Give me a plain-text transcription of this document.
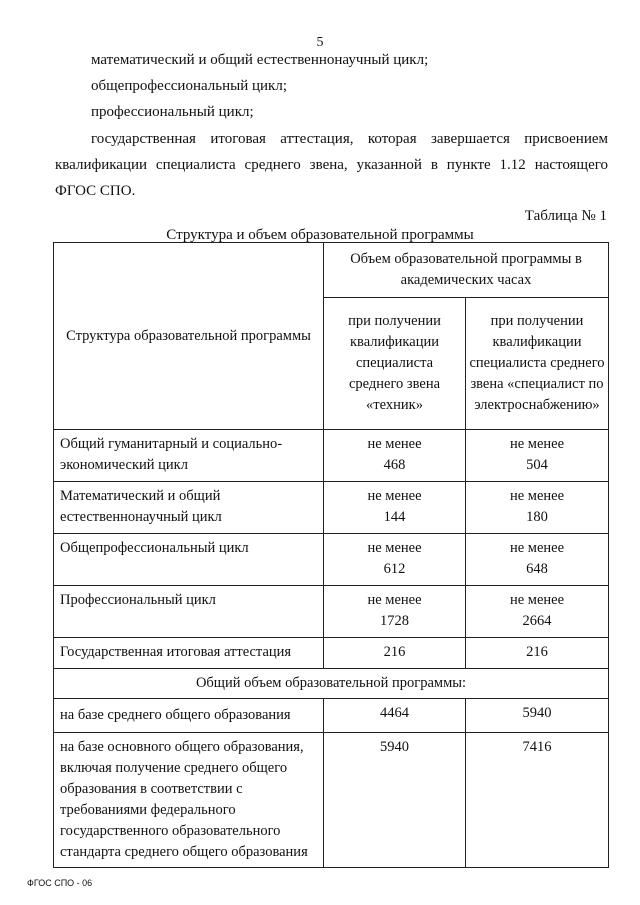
5
математический и общий естественнонаучный цикл;
общепрофессиональный цикл;
профессиональный цикл;
государственная итоговая аттестация, которая завершается присвоением
квалификации специалиста среднего звена, указанной в пункте 1.12 настоящего
ФГОС СПО.
Таблица № 1
Структура и объем образовательной программы
Структура образовательной программы	Объем образовательной программы в академических часах	
	при получении квалификации специалиста среднего звена «техник»	при получении квалификации специалиста среднего звена «специалист по электроснабжению»
Общий гуманитарный и социально-экономический цикл	не менее 468	не менее 504
Математический и общий естественнонаучный цикл	не менее 144	не менее 180
Общепрофессиональный цикл	не менее 612	не менее 648
Профессиональный цикл	не менее 1728	не менее 2664
Государственная итоговая аттестация	216	216
Общий объем образовательной программы:		
на базе среднего общего образования	4464	5940
на базе основного общего образования, включая получение среднего общего образования в соответствии с требованиями федерального государственного образовательного стандарта среднего общего образования	5940	7416
ФГОС СПО - 06
